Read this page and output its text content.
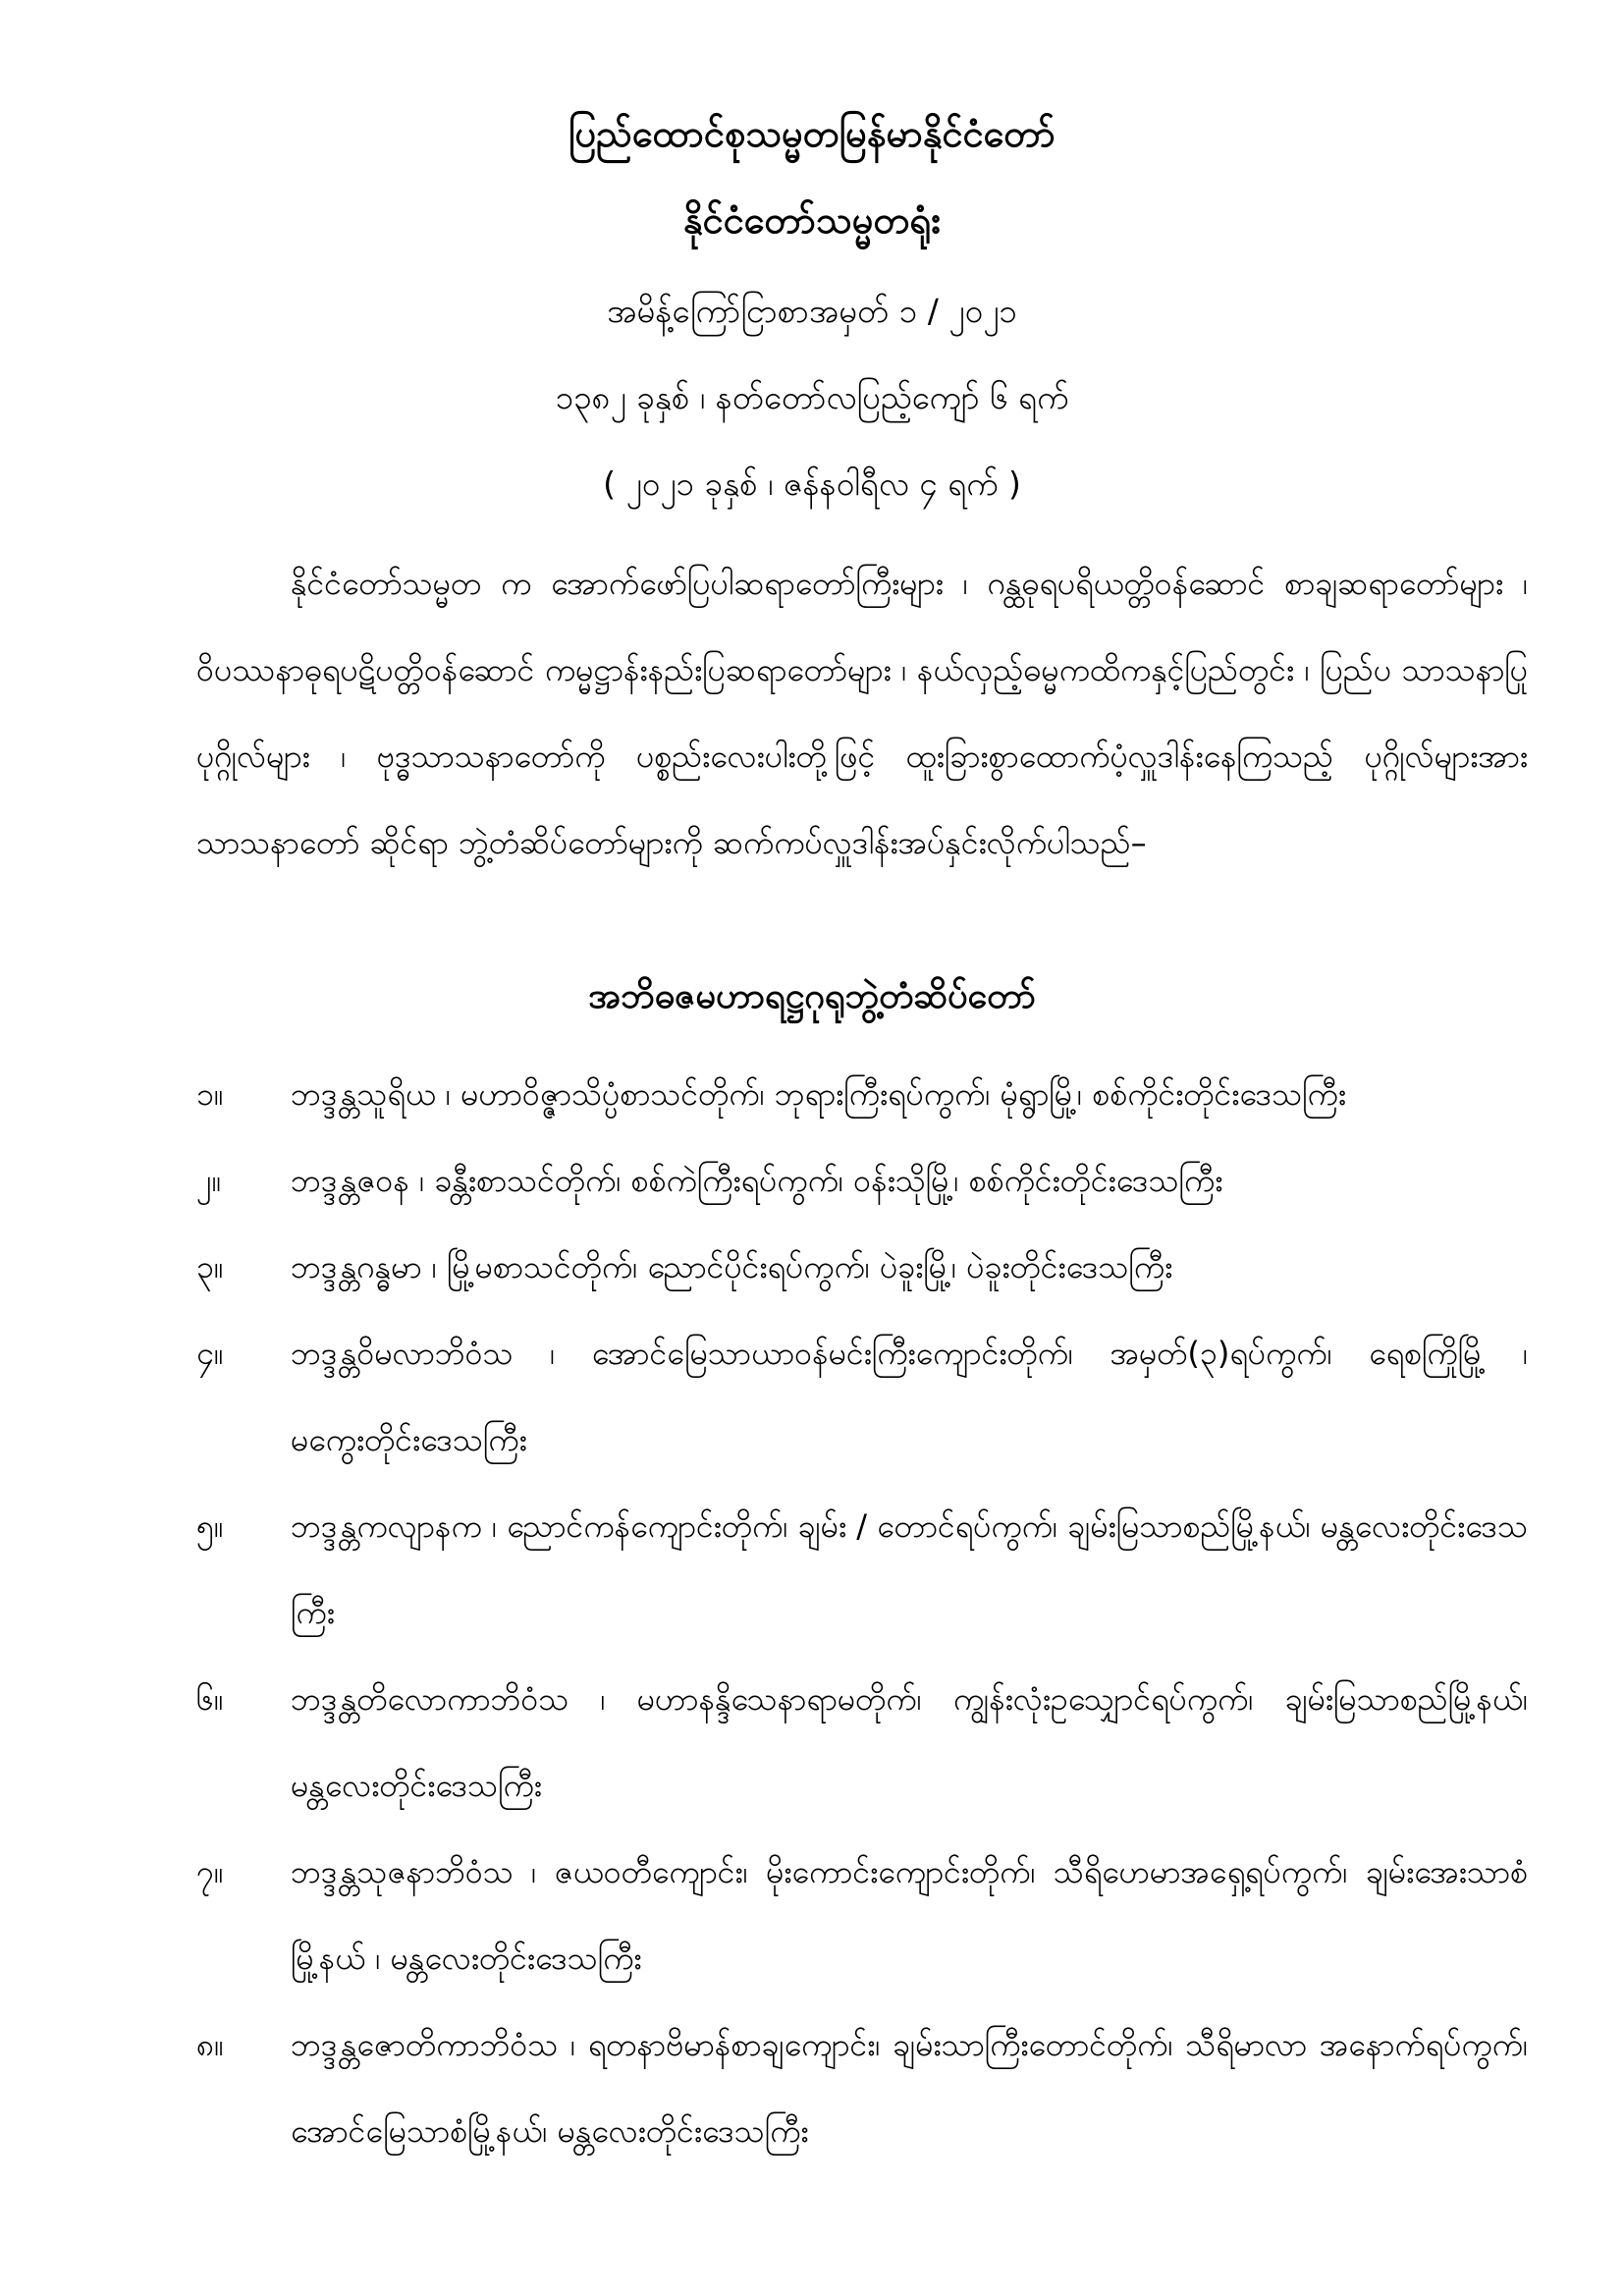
ပြည်ထောင်စုသမ္မတမြန်မာနိုင်ငံတော်
နိုင်ငံတော်သမ္မတရုံး
အမိန့်ကြော်ငြာစာအမှတ် ၁ / ၂၀၂၁
၁၃၈၂ ခုနှစ် ၊ နတ်တော်လပြည့်ကျော် ၆ ရက်
( ၂၀၂၁ ခုနှစ် ၊ ဇန်နဝါရီလ ၄ ရက် )
နိုင်ငံတော်သမ္မတ က အောက်ဖော်ပြပါဆရာတော်ကြီးများ ၊ ဂန္ထဓုရပရိယတ္တိဝန်ဆောင် စာချဆရာတော်များ ၊ ဝိပဿနာဓုရပဋိပတ္တိဝန်ဆောင် ကမ္မဋ္ဌာန်းနည်းပြဆရာတော်များ ၊ နယ်လှည့်ဓမ္မကထိကနှင့်ပြည်တွင်း ၊ ပြည်ပ သာသနာပြုပုဂ္ဂိုလ်များ ၊ ဗုဒ္ဓသာသနာတော်ကို ပစ္စည်းလေးပါးတို့ဖြင့် ထူးခြားစွာထောက်ပံ့လှူဒါန်းနေကြသည့် ပုဂ္ဂိုလ်များအား သာသနာတော် ဆိုင်ရာ ဘွဲ့တံဆိပ်တော်များကို ဆက်ကပ်လှူဒါန်းအပ်နှင်းလိုက်ပါသည်–
အဘိဓဇမဟာရဋ္ဌဂုရုဘွဲ့တံဆိပ်တော်
၁။	ဘဒ္ဒန္တသူရိယ ၊ မဟာဝိဇ္ဇာသိပ္ပံစာသင်တိုက်၊ ဘုရားကြီးရပ်ကွက်၊ မုံရွာမြို့၊ စစ်ကိုင်းတိုင်းဒေသကြီး
၂။	ဘဒ္ဒန္တဇဝန ၊ ခန္တီးစာသင်တိုက်၊ စစ်ကဲကြီးရပ်ကွက်၊ ဝန်းသိုမြို့၊ စစ်ကိုင်းတိုင်းဒေသကြီး
၃။	ဘဒ္ဒန္တဂန္ဓမာ ၊ မြို့မစာသင်တိုက်၊ ညောင်ပိုင်းရပ်ကွက်၊ ပဲခူးမြို့၊ ပဲခူးတိုင်းဒေသကြီး
၄။	ဘဒ္ဒန္တဝိမလာဘိဝံသ ၊ အောင်မြေသာယာဝန်မင်းကြီးကျောင်းတိုက်၊ အမှတ်(၃)ရပ်ကွက်၊ ရေစကြိုမြို့ ၊ မကွေးတိုင်းဒေသကြီး
၅။	ဘဒ္ဒန္တကလျာနက ၊ ညောင်ကန်ကျောင်းတိုက်၊ ချမ်း / တောင်ရပ်ကွက်၊ ချမ်းမြသာစည်မြို့နယ်၊ မန္တလေးတိုင်းဒေသကြီး
၆။	ဘဒ္ဒန္တတိလောကာဘိဝံသ ၊ မဟာနန္ဒိသေနာရာမတိုက်၊ ကျွန်းလုံးဥသျှောင်ရပ်ကွက်၊ ချမ်းမြသာစည်မြို့နယ်၊ မန္တလေးတိုင်းဒေသကြီး
၇။	ဘဒ္ဒန္တသုဇနာဘိဝံသ ၊ ဇယဝတီကျောင်း၊ မိုးကောင်းကျောင်းတိုက်၊ သီရိဟေမာအရှေ့ရပ်ကွက်၊ ချမ်းအေးသာစံမြို့နယ် ၊ မန္တလေးတိုင်းဒေသကြီး
၈။	ဘဒ္ဒန္တဇောတိကာဘိဝံသ ၊ ရတနာဗိမာန်စာချကျောင်း၊ ချမ်းသာကြီးတောင်တိုက်၊ သီရိမာလာ အနောက်ရပ်ကွက်၊ အောင်မြေသာစံမြို့နယ်၊ မန္တလေးတိုင်းဒေသကြီး
